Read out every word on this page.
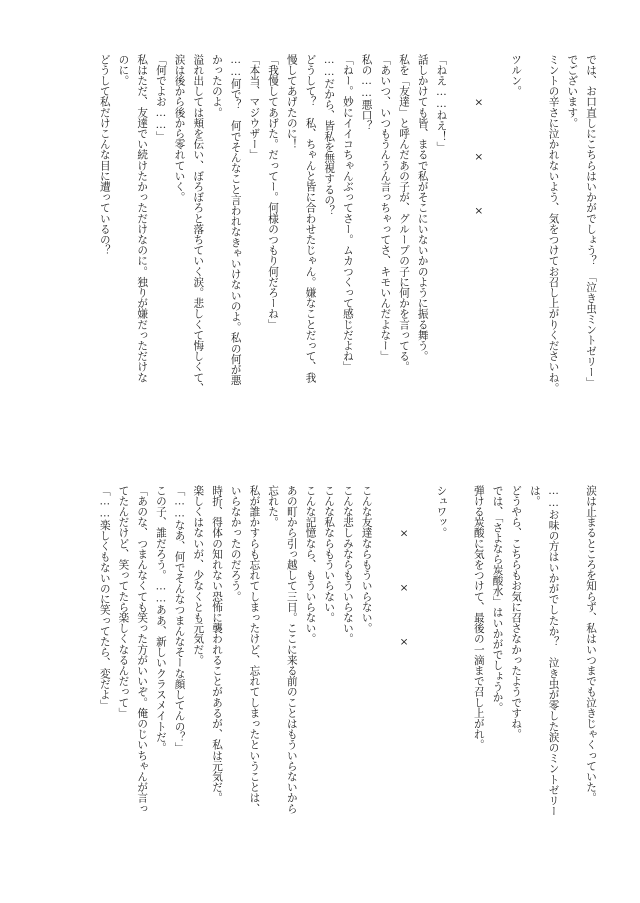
では、お口直しにこちらはいかがでしょう？　「泣き虫ミントゼリー」

でございます。

ミントの辛さに泣かれないよう、気をつけてお召し上がりくださいね。

ツルン。

　　　　×　　　　×　　　　×

「ねえ……ねえ！」

話しかけても皆、まるで私がそこにいないかのように振る舞う。

私を「友達」と呼んだあの子が、グループの子に何かを言ってる。

「あいつ、いつもうんうん言っちゃってさ、キモいんだよなー」

私の……悪口？

「ねー。妙にイイコちゃんぶってさー。ムカつくって感じだよね」

……だから、皆私を無視するの？

どうして？　私、ちゃんと皆に合わせたじゃん。嫌なことだって、我

慢してあげたのに！

「我慢してあげた。だってー。何様のつもり何だろーね」

「本当、マジウザー」

……何で？　何でそんなこと言われなきゃいけないのよ。私の何が悪

かったのよ。

溢れ出しては頬を伝い、ぼろぼろと落ちていく涙。悲しくて悔しくて、

涙は後から後から零れていく。

「何でよお……」

私はただ、友達でい続けたかっただけなのに。独りが嫌だっただけな

のに。

どうして私だけこんな目に遭っているの？

涙は止まるところを知らず、私はいつまでも泣きじゃくっていた。

……お味の方はいかがでしたか？　泣き虫が零した涙のミントゼリー

は。

どうやら、こちらもお気に召さなかったようですね。

では、「さよなら炭酸水」はいかがでしょうか。

弾ける炭酸に気をつけて、最後の一滴まで召し上がれ。

シュワッ。

　　　　×　　　　×　　　　×

こんな友達ならもういらない。

こんな悲しみならもういらない。

こんな私ならもういらない。

こんな記憶なら、もういらない。

あの町から引っ越して三日。ここに来る前のことはもういらないから

忘れた。

私が誰かすらも忘れてしまったけど、忘れてしまったということは、

いらなかったのだろう。

時折、得体の知れない恐怖に襲われることがあるが、私は元気だ。

楽しくはないが、少なくとも元気だ。

「……なあ、何でそんなつまんなそーな顔してんの？」

この子、誰だろう。……ああ、新しいクラスメイトだ。

「あのな、つまんなくても笑った方がいいぞ。俺のじいちゃんが言っ

てたんだけど、笑ってたら楽しくなるんだって」

「……楽しくもないのに笑ってたら、変だよ」
